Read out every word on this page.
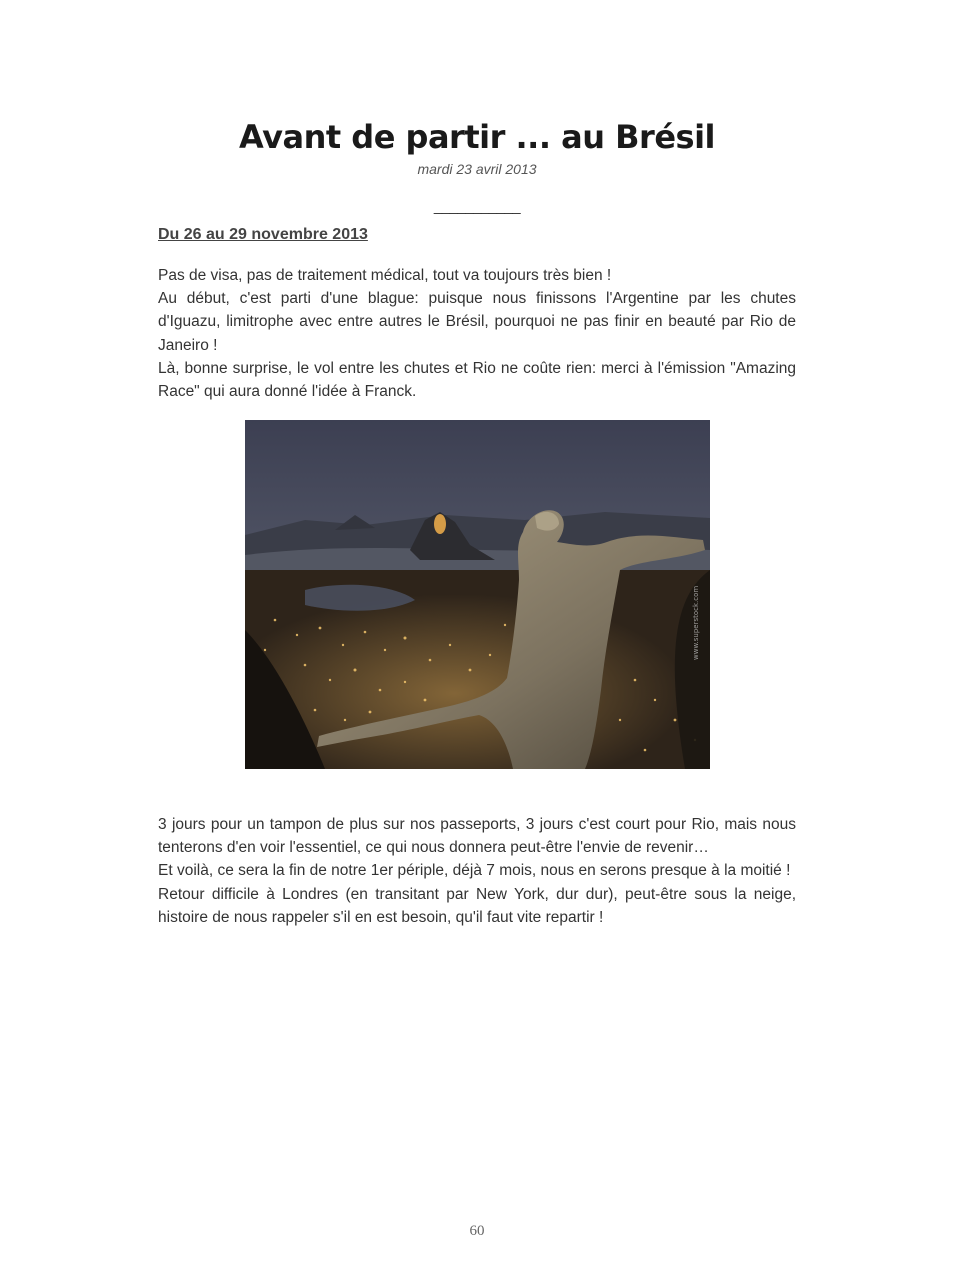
Avant de partir ... au Brésil
mardi 23 avril 2013
___________
Du 26 au 29 novembre 2013

Pas de visa, pas de traitement médical, tout va toujours très bien !

Au début, c'est parti d'une blague: puisque nous finissons l'Argentine par les chutes d'Iguazu, limitrophe avec entre autres le Brésil, pourquoi ne pas finir en beauté par Rio de Janeiro !

Là, bonne surprise, le vol entre les chutes et Rio ne coûte rien: merci à l'émission "Amazing Race" qui aura donné l'idée à Franck.

www.superstock.com

3 jours pour un tampon de plus sur nos passeports, 3 jours c'est court pour Rio, mais nous tenterons d'en voir l'essentiel, ce qui nous donnera peut-être l'envie de revenir…

Et voilà, ce sera la fin de notre 1er périple, déjà 7 mois, nous en serons presque à la moitié !

Retour difficile à Londres (en transitant par New York, dur dur), peut-être sous la neige, histoire de nous rappeler s'il en est besoin, qu'il faut vite repartir !

60
